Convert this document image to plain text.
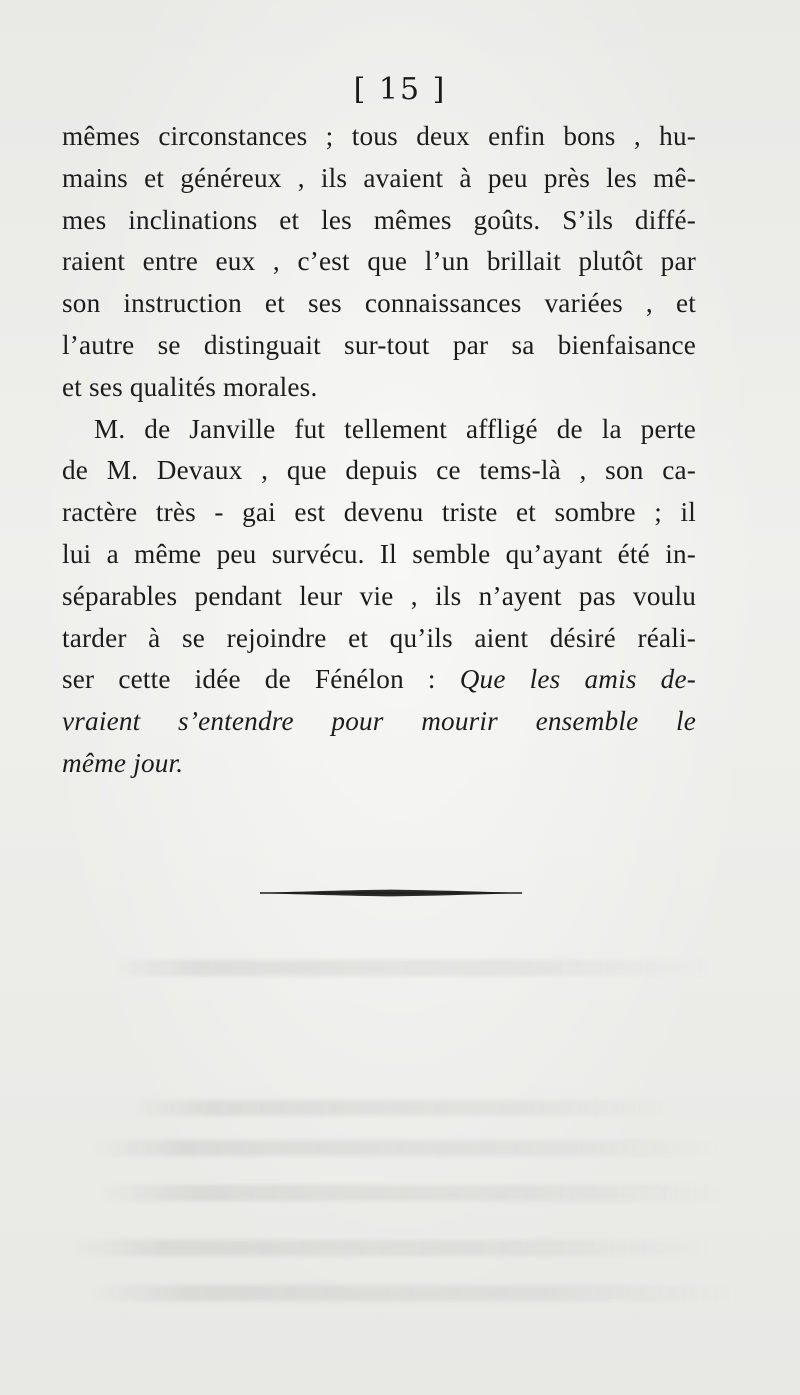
[ 15 ]

mêmes circonstances ; tous deux enfin bons , hu-
mains et généreux , ils avaient à peu près les mê-
mes inclinations et les mêmes goûts. S’ils diffé-
raient entre eux , c’est que l’un brillait plutôt par
son instruction et ses connaissances variées , et
l’autre se distinguait sur-tout par sa bienfaisance
et ses qualités morales.

M. de Janville fut tellement affligé de la perte
de M. Devaux , que depuis ce tems-là , son ca-
ractère très - gai est devenu triste et sombre ; il
lui a même peu survécu. Il semble qu’ayant été in-
séparables pendant leur vie , ils n’ayent pas voulu
tarder à se rejoindre et qu’ils aient désiré réali-
ser cette idée de Fénélon : Que les amis de-
vraient s’entendre pour mourir ensemble le
même jour.
